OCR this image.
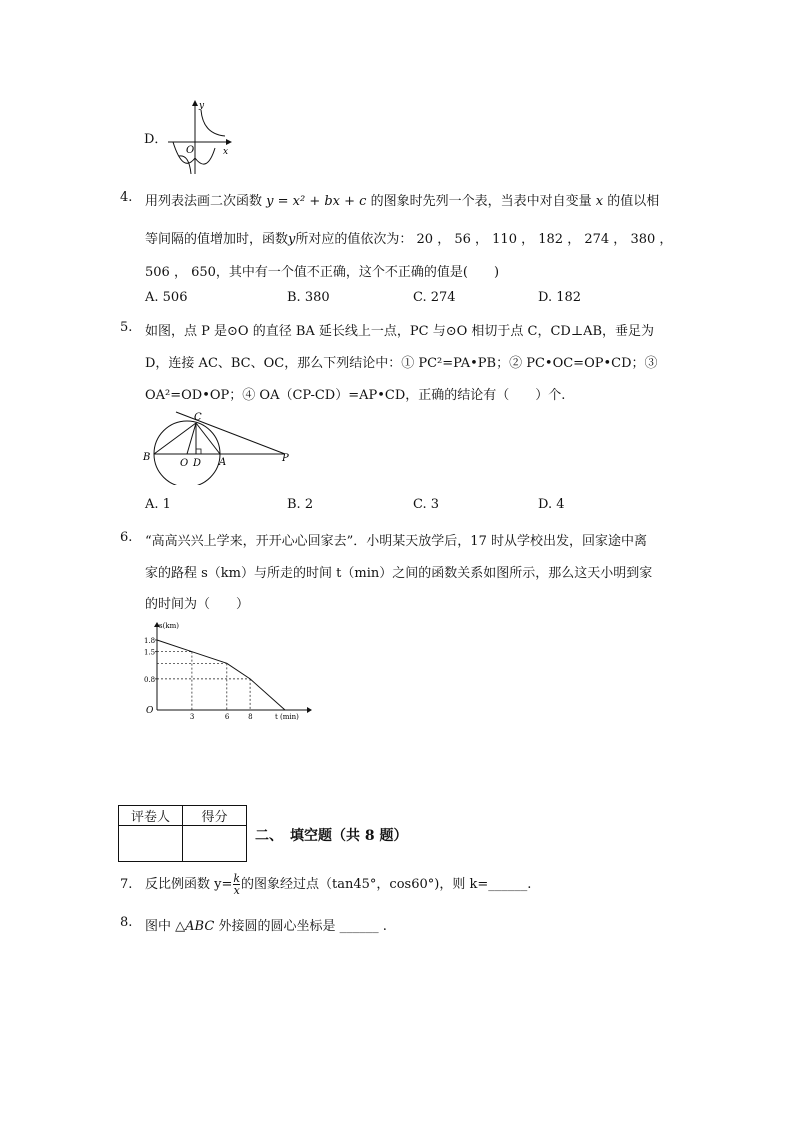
D．
y
x
O
4. 用列表法画二次函数 y = x² + bx + c 的图象时先列一个表，当表中对自变量 x 的值以相
等间隔的值增加时，函数y所对应的值依次为： 20 ， 56 ， 110 ， 182 ， 274 ， 380 ，
506 ， 650，其中有一个值不正确，这个不正确的值是(　　)
A. 506	B. 380	C. 274	D. 182
5. 如图，点 P 是⊙O 的直径 BA 延长线上一点，PC 与⊙O 相切于点 C，CD⊥AB，垂足为
D，连接 AC、BC、OC，那么下列结论中：① PC²=PA•PB；② PC•OC=OP•CD；③
OA²=OD•OP；④ OA（CP-CD）=AP•CD，正确的结论有（　　）个.
C
B
O D A	P
A. 1	B. 2	C. 3	D. 4
6. “高高兴兴上学来，开开心心回家去”．小明某天放学后，17 时从学校出发，回家途中离
家的路程 s（km）与所走的时间 t（min）之间的函数关系如图所示，那么这天小明到家
的时间为（　　）
1.8
1.5
0.8
3	6	8
O
s(km)
t (min)
评卷人	得分

二、　填空题（共 8 题）
7. 反比例函数 $y= \frac{k}{x}$ 的图象经过点（tan45°，cos60°)，则 k=______.
8. 图中 △ABC 外接圆的圆心坐标是 ______ .
